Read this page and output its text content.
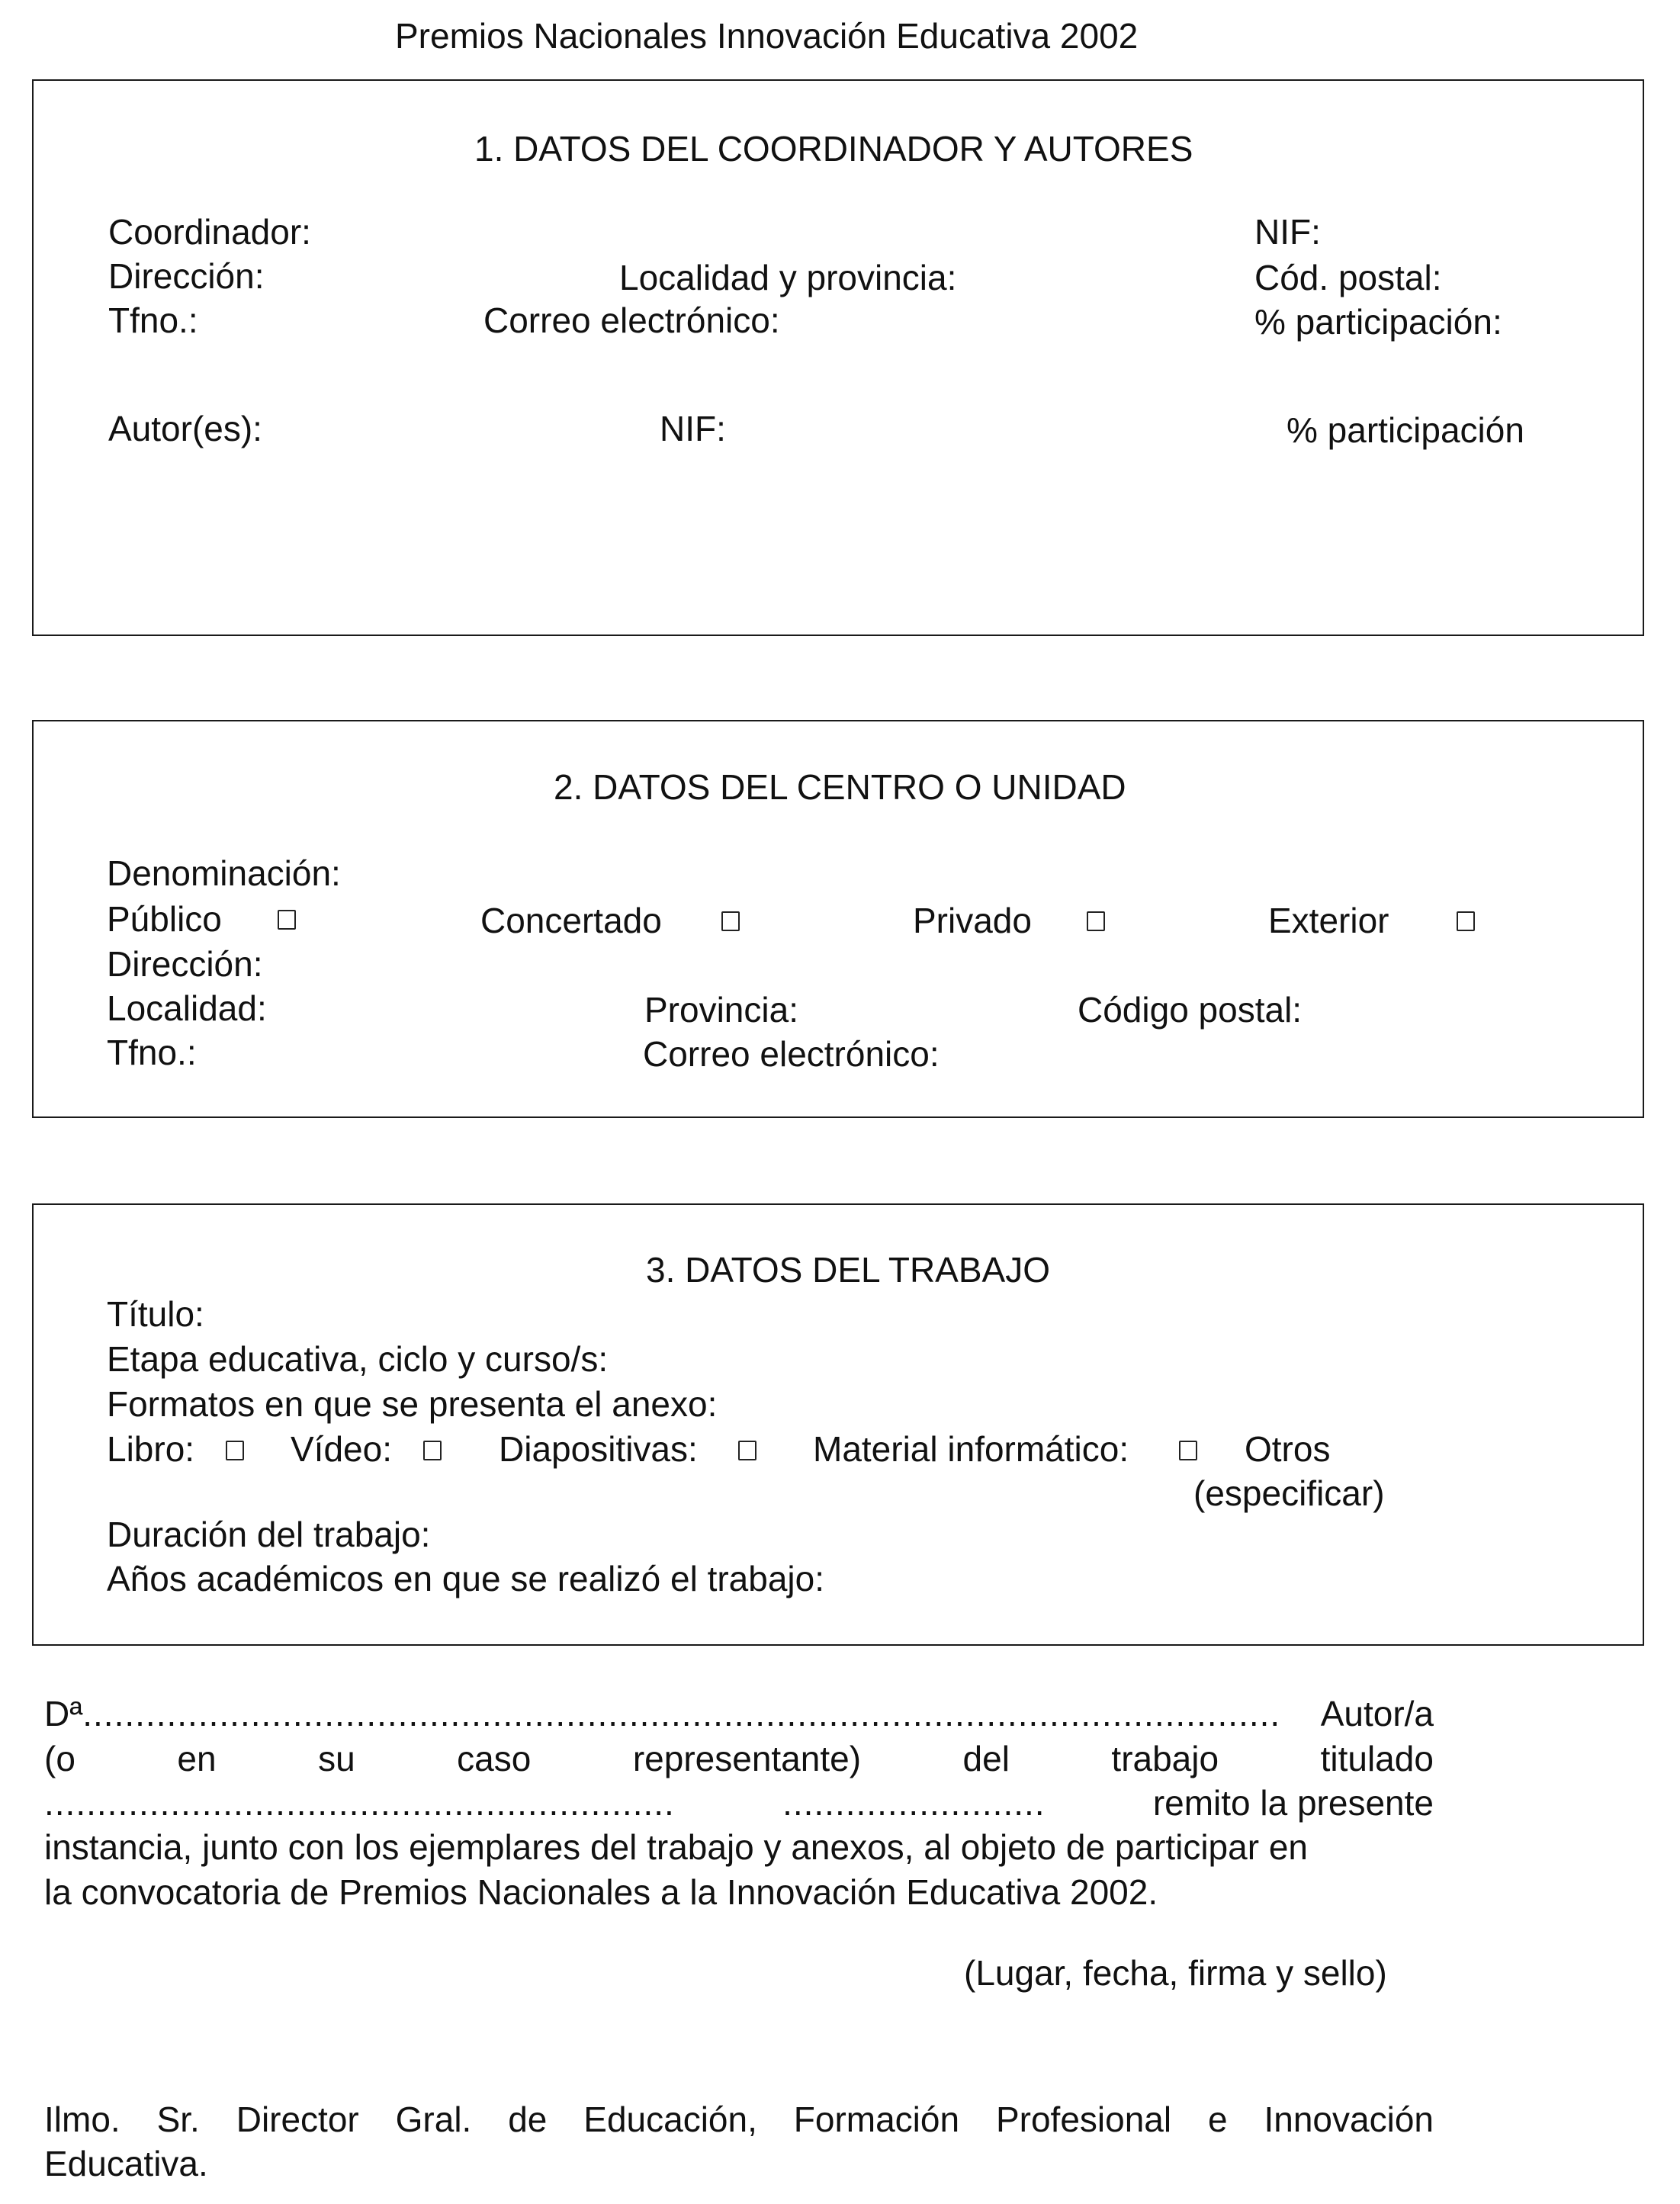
Premios Nacionales Innovación Educativa 2002
1. DATOS DEL COORDINADOR Y AUTORES
Coordinador:	NIF:
Dirección:	Localidad y provincia:	Cód. postal:
Tfno.:	Correo electrónico:	% participación:
Autor(es):	NIF:	% participación
2. DATOS DEL CENTRO O UNIDAD
Denominación:
Público	Concertado	Privado	Exterior
Dirección:
Localidad:	Provincia:	Código postal:
Tfno.:	Correo electrónico:
3. DATOS DEL TRABAJO
Título:
Etapa educativa, ciclo y curso/s:
Formatos en que se presenta el anexo:
Libro:	Vídeo:	Diapositivas:	Material informático:	Otros
(especificar)
Duración del trabajo:
Años académicos en que se realizó el trabajo:
Dª ..................................................................................................................	Autor/a
(o	en	su	caso	representante)	del	trabajo	titulado
............................................................	.........................	remito la presente
instancia, junto con los ejemplares del trabajo y anexos, al objeto de participar en
la convocatoria de Premios Nacionales a la Innovación Educativa 2002.
(Lugar, fecha, firma y sello)
Ilmo. Sr. Director Gral. de Educación, Formación Profesional e Innovación
Educativa.
